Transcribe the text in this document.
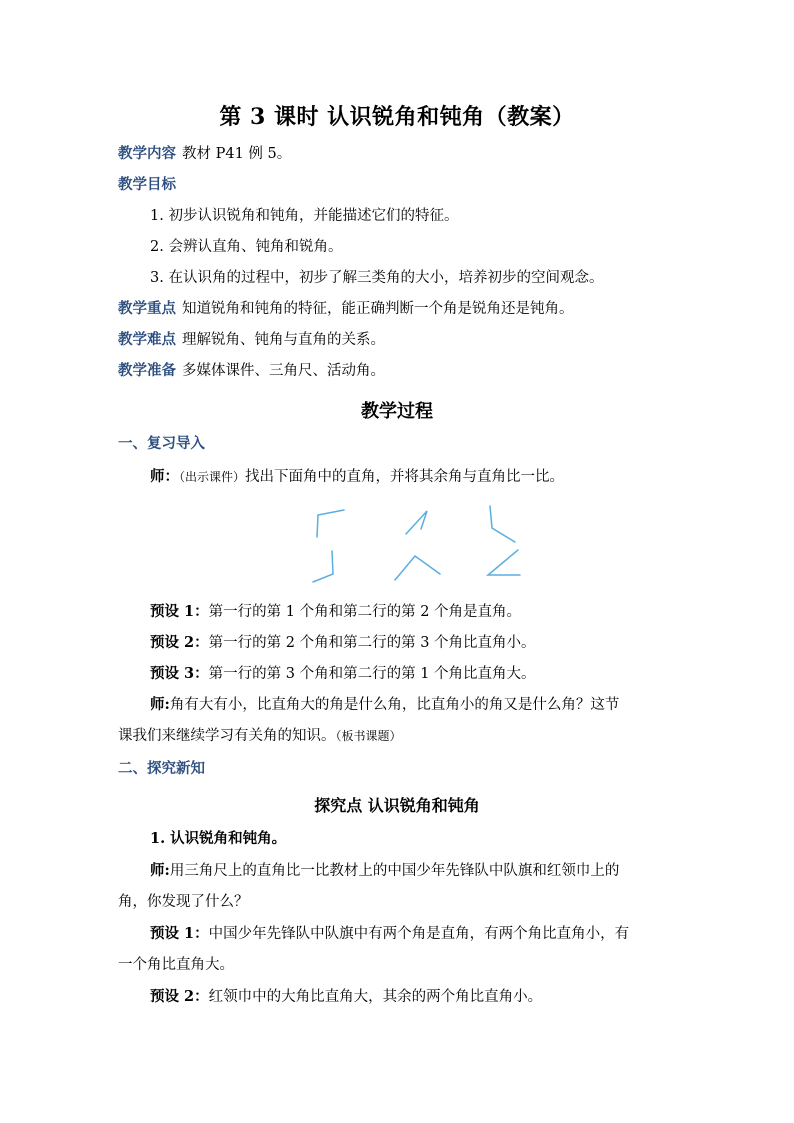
第 3 课时 认识锐角和钝角（教案）
教学内容 教材 P41 例 5。
教学目标
1. 初步认识锐角和钝角，并能描述它们的特征。
2. 会辨认直角、钝角和锐角。
3. 在认识角的过程中，初步了解三类角的大小，培养初步的空间观念。
教学重点 知道锐角和钝角的特征，能正确判断一个角是锐角还是钝角。
教学难点 理解锐角、钝角与直角的关系。
教学准备 多媒体课件、三角尺、活动角。
教学过程
一、复习导入
师：（出示课件）找出下面角中的直角，并将其余角与直角比一比。
预设 1：第一行的第 1 个角和第二行的第 2 个角是直角。
预设 2：第一行的第 2 个角和第二行的第 3 个角比直角小。
预设 3：第一行的第 3 个角和第二行的第 1 个角比直角大。
师:角有大有小，比直角大的角是什么角，比直角小的角又是什么角？这节
课我们来继续学习有关角的知识。（板书课题）
二、探究新知
探究点 认识锐角和钝角
1. 认识锐角和钝角。
师:用三角尺上的直角比一比教材上的中国少年先锋队中队旗和红领巾上的
角，你发现了什么？
预设 1：中国少年先锋队中队旗中有两个角是直角，有两个角比直角小，有
一个角比直角大。
预设 2：红领巾中的大角比直角大，其余的两个角比直角小。
